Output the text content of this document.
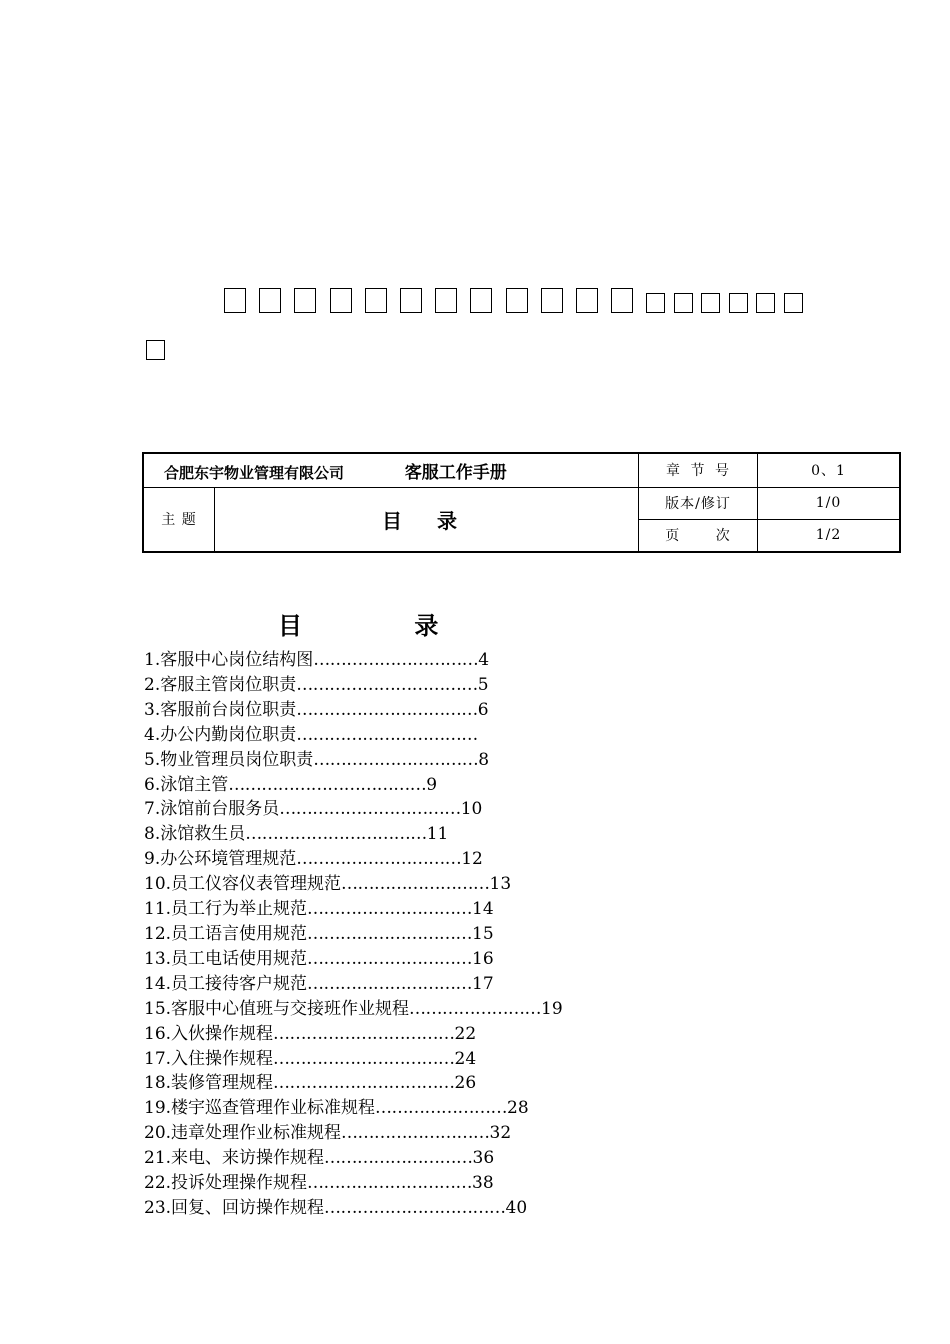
合肥东宇物业管理有限公司 客服工作手册		章 节 号	0、1
主 题	目 录	版本/修订	1/0
		页 次	1/2
目	录
1.客服中心岗位结构图…………………………4
2.客服主管岗位职责……………………………5
3.客服前台岗位职责……………………………6
4.办公内勤岗位职责……………………………
5.物业管理员岗位职责…………………………8
6.泳馆主管………………………………9
7.泳馆前台服务员……………………………10
8.泳馆救生员……………………………11
9.办公环境管理规范…………………………12
10.员工仪容仪表管理规范………………………13
11.员工行为举止规范…………………………14
12.员工语言使用规范…………………………15
13.员工电话使用规范…………………………16
14.员工接待客户规范…………………………17
15.客服中心值班与交接班作业规程……………………19
16.入伙操作规程……………………………22
17.入住操作规程……………………………24
18.装修管理规程……………………………26
19.楼宇巡查管理作业标准规程……………………28
20.违章处理作业标准规程………………………32
21.来电、来访操作规程………………………36
22.投诉处理操作规程…………………………38
23.回复、回访操作规程……………………………40
